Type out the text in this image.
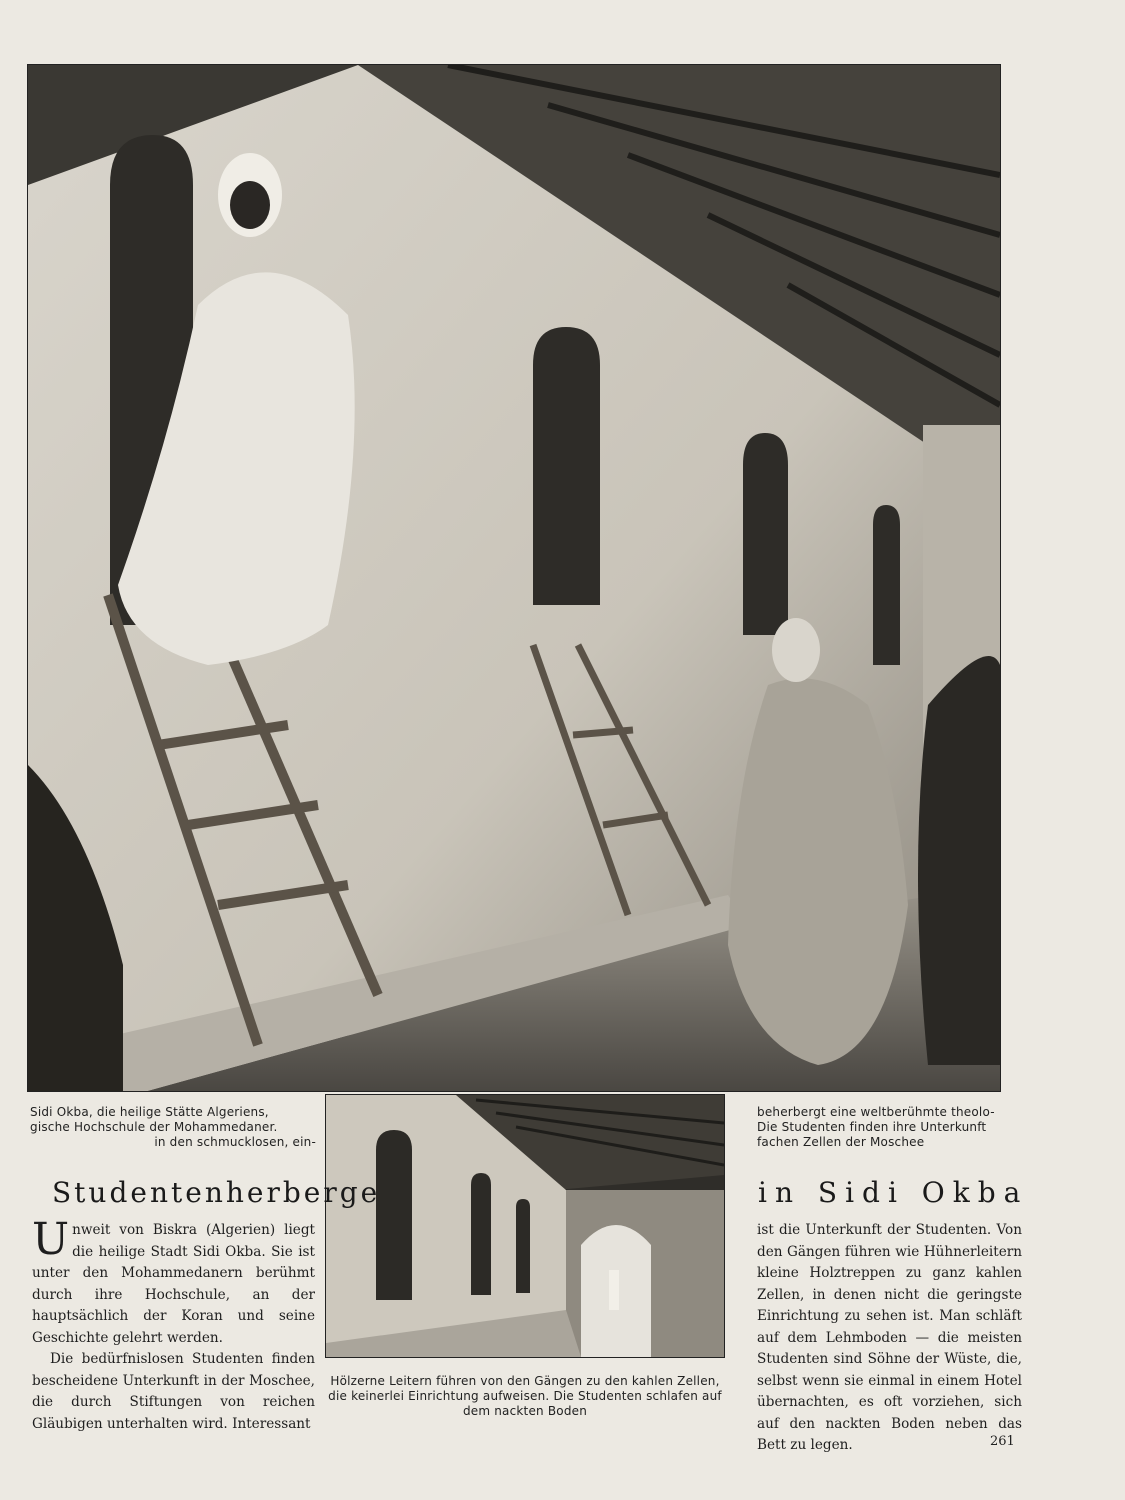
Sidi Okba, die heilige Stätte Algeriens,
gische Hochschule der Mohammedaner.
in den schmucklosen, ein-
beherbergt eine weltberühmte theolo-
Die Studenten finden ihre Unterkunft
fachen Zellen der Moschee
Hölzerne Leitern führen von den Gängen zu den kahlen Zellen, die keinerlei Einrichtung aufweisen. Die Studenten schlafen auf dem nackten Boden
Studentenherberge	in Sidi Okba

Unweit von Biskra (Algerien) liegt die heilige Stadt Sidi Okba. Sie ist unter den Mohammedanern berühmt durch ihre Hochschule, an der hauptsächlich der Koran und seine Geschichte gelehrt werden.

Die bedürfnislosen Studenten finden bescheidene Unterkunft in der Moschee, die durch Stiftungen von reichen Gläubigen unterhalten wird. Interessant

ist die Unterkunft der Studenten. Von den Gängen führen wie Hühnerleitern kleine Holztreppen zu ganz kahlen Zellen, in denen nicht die geringste Einrichtung zu sehen ist. Man schläft auf dem Lehmboden — die meisten Studenten sind Söhne der Wüste, die, selbst wenn sie einmal in einem Hotel übernachten, es oft vorziehen, sich auf den nackten Boden neben das Bett zu legen.	261
